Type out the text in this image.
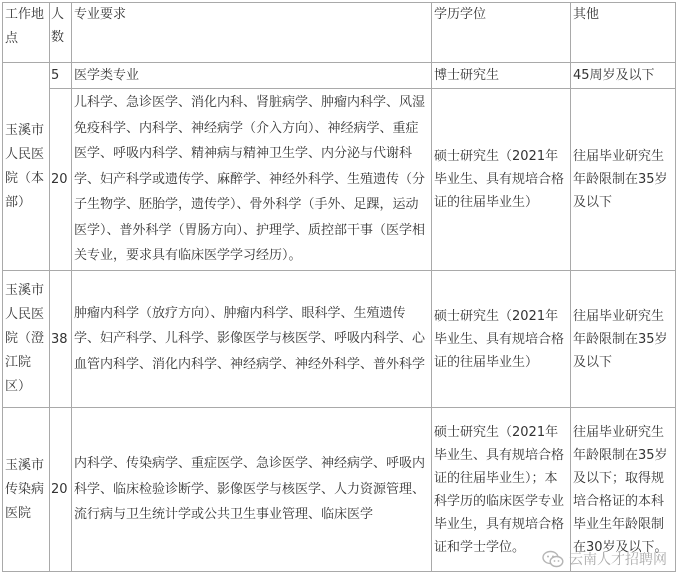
工作地点	人数	专业要求	学历学位	其他
玉溪市人民医院（本部）	5	医学类专业	博士研究生	45周岁及以下
	20	儿科学、急诊医学、消化内科、肾脏病学、肿瘤内科学、风湿免疫科学、内科学、神经病学（介入方向）、神经病学、重症医学、呼吸内科学、精神病与精神卫生学、内分泌与代谢科学、妇产科学或遗传学、麻醉学、神经外科学、生殖遗传（分子生物学、胚胎学，遗传学）、骨外科学（手外、足踝，运动医学）、普外科学（胃肠方向）、护理学、质控部干事（医学相关专业，要求具有临床医学学习经历）。	硕士研究生（2021年毕业生、具有规培合格证的往届毕业生）	往届毕业研究生年龄限制在35岁及以下
玉溪市人民医院（澄江院区）	38	肿瘤内科学（放疗方向）、肿瘤内科学、眼科学、生殖遗传学、妇产科学、儿科学、影像医学与核医学、呼吸内科学、心血管内科学、消化内科学、神经病学、神经外科学、普外科学	硕士研究生（2021年毕业生、具有规培合格证的往届毕业生）	往届毕业研究生年龄限制在35岁及以下
玉溪市传染病医院	20	内科学、传染病学、重症医学、急诊医学、神经病学、呼吸内科学、临床检验诊断学、影像医学与核医学、人力资源管理、流行病与卫生统计学或公共卫生事业管理、临床医学	硕士研究生（2021年毕业生、具有规培合格证的往届毕业生）；本科学历的临床医学专业毕业生，具有规培合格证和学士学位。	往届毕业研究生年龄限制在35岁及以下；取得规培合格证的本科毕业生年龄限制在30岁及以下。
云南人才招聘网
